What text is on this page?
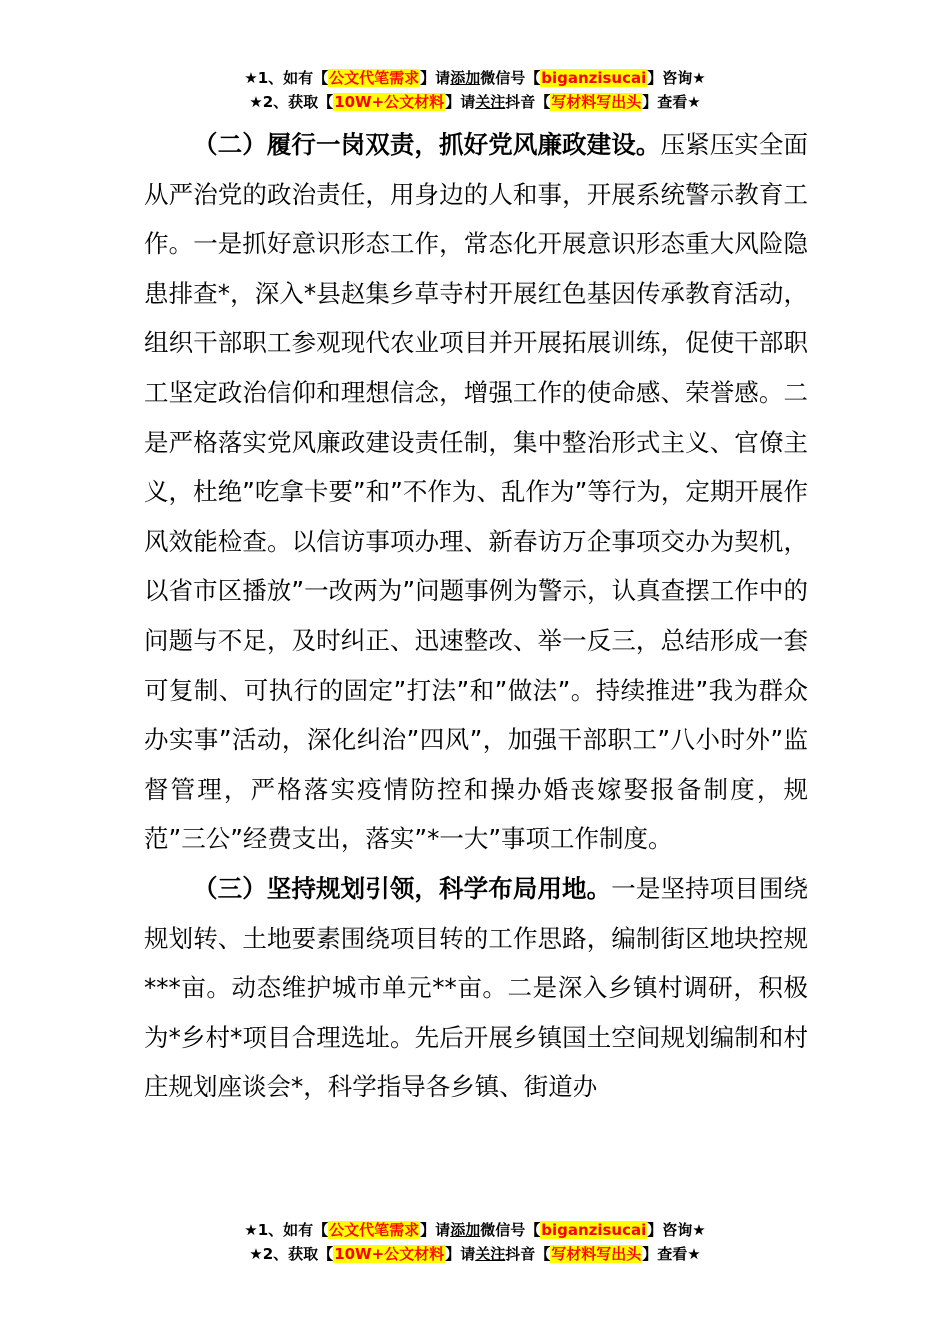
★1、如有【公文代笔需求】请添加微信号【biganzisucai】咨询★
★2、获取【10W+公文材料】请关注抖音【写材料写出头】查看★

（二）履行一岗双责，抓好党风廉政建设。压紧压实全面从严治党的政治责任，用身边的人和事，开展系统警示教育工作。一是抓好意识形态工作，常态化开展意识形态重大风险隐患排查*，深入*县赵集乡草寺村开展红色基因传承教育活动，组织干部职工参观现代农业项目并开展拓展训练，促使干部职工坚定政治信仰和理想信念，增强工作的使命感、荣誉感。二是严格落实党风廉政建设责任制，集中整治形式主义、官僚主义，杜绝”吃拿卡要”和”不作为、乱作为”等行为，定期开展作风效能检查。以信访事项办理、新春访万企事项交办为契机，以省市区播放”一改两为”问题事例为警示，认真查摆工作中的问题与不足，及时纠正、迅速整改、举一反三，总结形成一套可复制、可执行的固定”打法”和”做法”。持续推进”我为群众办实事”活动，深化纠治”四风”，加强干部职工”八小时外”监督管理，严格落实疫情防控和操办婚丧嫁娶报备制度，规范”三公”经费支出，落实”*一大”事项工作制度。

（三）坚持规划引领，科学布局用地。一是坚持项目围绕规划转、土地要素围绕项目转的工作思路，编制街区地块控规***亩。动态维护城市单元**亩。二是深入乡镇村调研，积极为*乡村*项目合理选址。先后开展乡镇国土空间规划编制和村庄规划座谈会*，科学指导各乡镇、街道办

★1、如有【公文代笔需求】请添加微信号【biganzisucai】咨询★
★2、获取【10W+公文材料】请关注抖音【写材料写出头】查看★
